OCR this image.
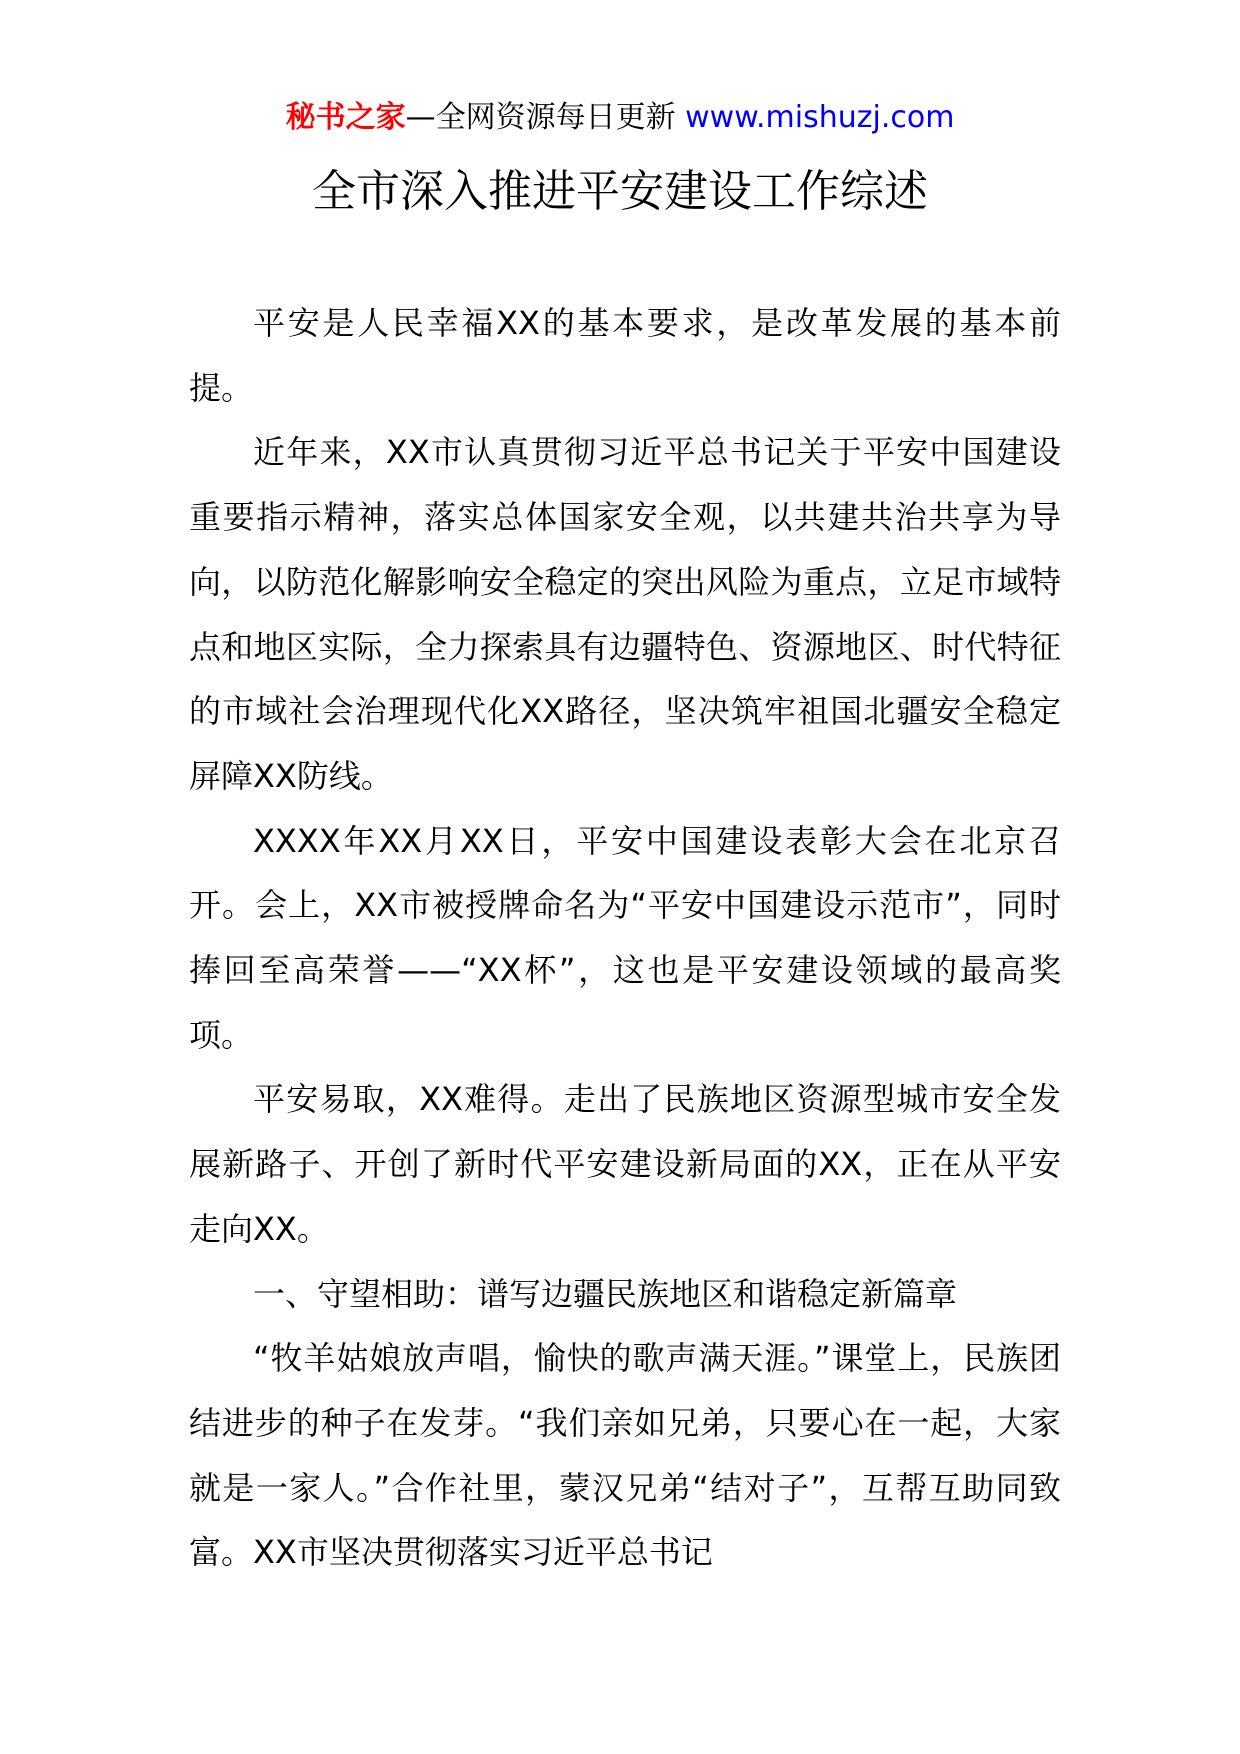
秘书之家—全网资源每日更新 www.mishuzj.com
全市深入推进平安建设工作综述

平安是人民幸福XX的基本要求，是改革发展的基本前提。

近年来，XX市认真贯彻习近平总书记关于平安中国建设重要指示精神，落实总体国家安全观，以共建共治共享为导向，以防范化解影响安全稳定的突出风险为重点，立足市域特点和地区实际，全力探索具有边疆特色、资源地区、时代特征的市域社会治理现代化XX路径，坚决筑牢祖国北疆安全稳定屏障XX防线。

XXXX年XX月XX日，平安中国建设表彰大会在北京召开。会上，XX市被授牌命名为“平安中国建设示范市”，同时捧回至高荣誉——“XX杯”，这也是平安建设领域的最高奖项。

平安易取，XX难得。走出了民族地区资源型城市安全发展新路子、开创了新时代平安建设新局面的XX，正在从平安走向XX。

一、守望相助：谱写边疆民族地区和谐稳定新篇章

“牧羊姑娘放声唱，愉快的歌声满天涯。”课堂上，民族团结进步的种子在发芽。“我们亲如兄弟，只要心在一起，大家就是一家人。”合作社里，蒙汉兄弟“结对子”，互帮互助同致富。XX市坚决贯彻落实习近平总书记
